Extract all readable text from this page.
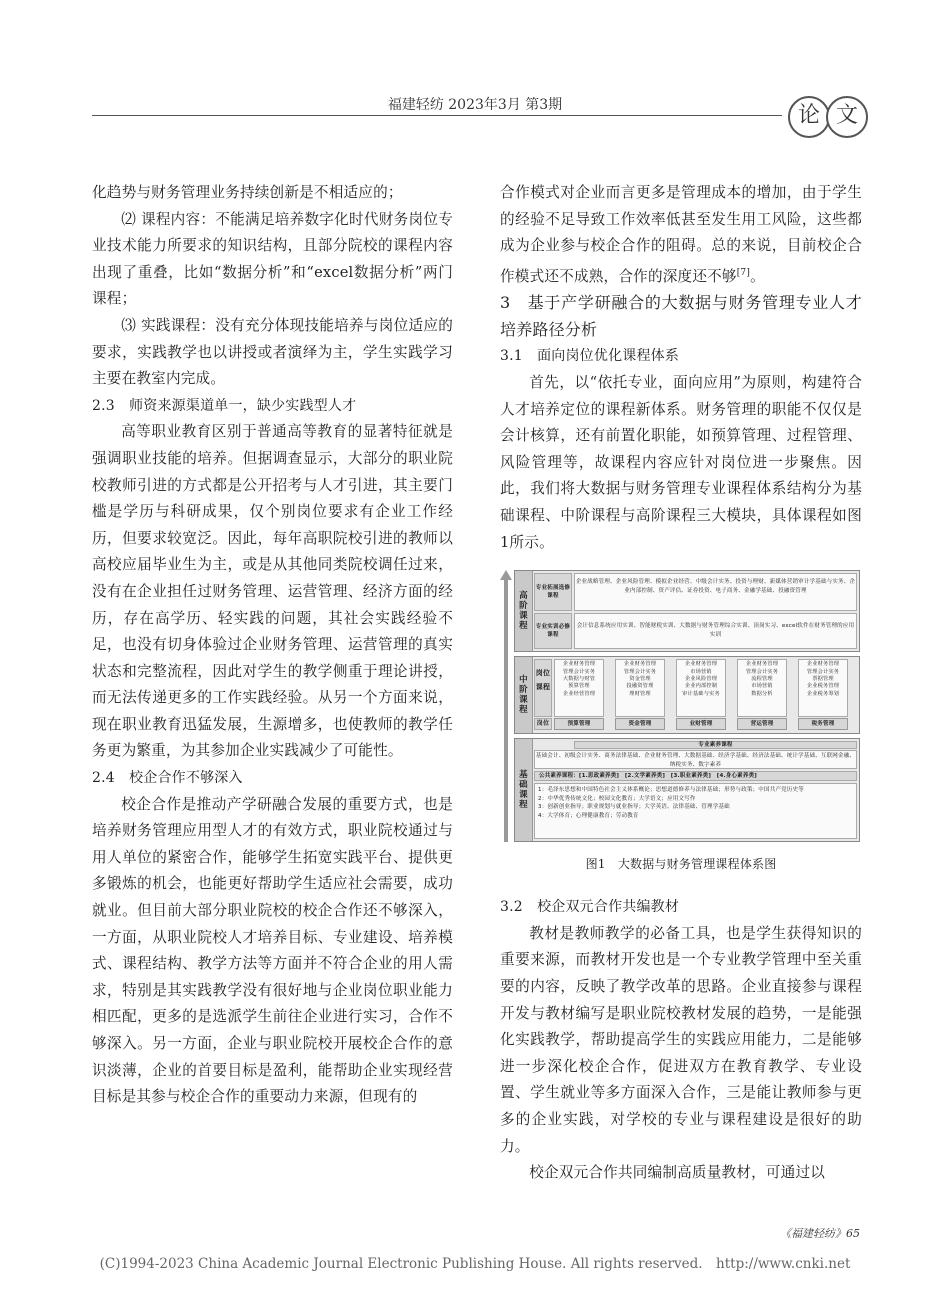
福建轻纺 2023年3月 第3期	论 文
化趋势与财务管理业务持续创新是不相适应的；
⑵ 课程内容：不能满足培养数字化时代财务岗位专业技术能力所要求的知识结构，且部分院校的课程内容出现了重叠，比如“数据分析”和“excel数据分析”两门课程；
⑶ 实践课程：没有充分体现技能培养与岗位适应的要求，实践教学也以讲授或者演绎为主，学生实践学习主要在教室内完成。
2.3　师资来源渠道单一，缺少实践型人才
高等职业教育区别于普通高等教育的显著特征就是强调职业技能的培养。但据调查显示，大部分的职业院校教师引进的方式都是公开招考与人才引进，其主要门槛是学历与科研成果，仅个别岗位要求有企业工作经历，但要求较宽泛。因此，每年高职院校引进的教师以高校应届毕业生为主，或是从其他同类院校调任过来，没有在企业担任过财务管理、运营管理、经济方面的经历，存在高学历、轻实践的问题，其社会实践经验不足，也没有切身体验过企业财务管理、运营管理的真实状态和完整流程，因此对学生的教学侧重于理论讲授，而无法传递更多的工作实践经验。从另一个方面来说，现在职业教育迅猛发展，生源增多，也使教师的教学任务更为繁重，为其参加企业实践减少了可能性。
2.4　校企合作不够深入
校企合作是推动产学研融合发展的重要方式，也是培养财务管理应用型人才的有效方式，职业院校通过与用人单位的紧密合作，能够学生拓宽实践平台、提供更多锻炼的机会，也能更好帮助学生适应社会需要，成功就业。但目前大部分职业院校的校企合作还不够深入，一方面，从职业院校人才培养目标、专业建设、培养模式、课程结构、教学方法等方面并不符合企业的用人需求，特别是其实践教学没有很好地与企业岗位职业能力相匹配，更多的是选派学生前往企业进行实习，合作不够深入。另一方面，企业与职业院校开展校企合作的意识淡薄，企业的首要目标是盈利，能帮助企业实现经营目标是其参与校企合作的重要动力来源，但现有的
合作模式对企业而言更多是管理成本的增加，由于学生的经验不足导致工作效率低甚至发生用工风险，这些都成为企业参与校企合作的阻碍。总的来说，目前校企合作模式还不成熟，合作的深度还不够[7]。
3　基于产学研融合的大数据与财务管理专业人才培养路径分析
3.1　面向岗位优化课程体系
首先，以“依托专业，面向应用”为原则，构建符合人才培养定位的课程新体系。财务管理的职能不仅仅是会计核算，还有前置化职能，如预算管理、过程管理、风险管理等，故课程内容应针对岗位进一步聚焦。因此，我们将大数据与财务管理专业课程体系结构分为基础课程、中阶课程与高阶课程三大模块，具体课程如图1所示。
高阶课程
专业拓展选修课程
企业战略管理、企业风险管理、模拟企业经营、中级会计实务、投资与理财、新媒体营销审计学基础与实务、企业内部控制、资产评估、证券投资、电子商务、金融学基础、投融资管理
专业实训必修课程
会计信息系统应用实训、智能财税实训、大数据与财务管理综合实训、顶岗实习、excel软件在财务管理的应用实训
中阶课程
岗位课程
岗位
企业财务管理
管理会计实务
大数据与财管
预算管理
企业经营管理
预算管理
企业财务管理
管理会计实务
资金管理
投融资管理
理财管理
资金管理
企业财务管理
市场营销
企业风险管理
企业内部控制
审计基础与实务
业财管理
企业财务管理
管理会计实务
流程管理
市场营销
数据分析
营运管理
企业财务管理
管理会计实务
票据管理
企业税务管理
企业税务筹划
税务管理
基础课程
专业素养课程
基础会计、初级会计实务、商务法律基础、企业财务管理、大数据基础、经济学基础、经济法基础、统计学基础、互联网金融、纳税实务、数字素养
公共素养课程：[1.思政素养类]　[2.文学素养类]　[3.职业素养类]　[4.身心素养类]
1：毛泽东思想和中国特色社会主义体系概论；思想道德修养与法律基础；形势与政策；中国共产党历史等
2：中华优秀传统文化；校园文化教育；大学语文；应用文写作
3：创新创业指导；职业规划与就业指导；大学英语、法律基础、管理学基础
4：大学体育；心理健康教育；劳动教育
图1　大数据与财务管理课程体系图
3.2　校企双元合作共编教材
教材是教师教学的必备工具，也是学生获得知识的重要来源，而教材开发也是一个专业教学管理中至关重要的内容，反映了教学改革的思路。企业直接参与课程开发与教材编写是职业院校教材发展的趋势，一是能强化实践教学，帮助提高学生的实践应用能力，二是能够进一步深化校企合作，促进双方在教育教学、专业设置、学生就业等多方面深入合作，三是能让教师参与更多的企业实践，对学校的专业与课程建设是很好的助力。
校企双元合作共同编制高质量教材，可通过以
《福建轻纺》65
(C)1994-2023 China Academic Journal Electronic Publishing House. All rights reserved.　http://www.cnki.net
